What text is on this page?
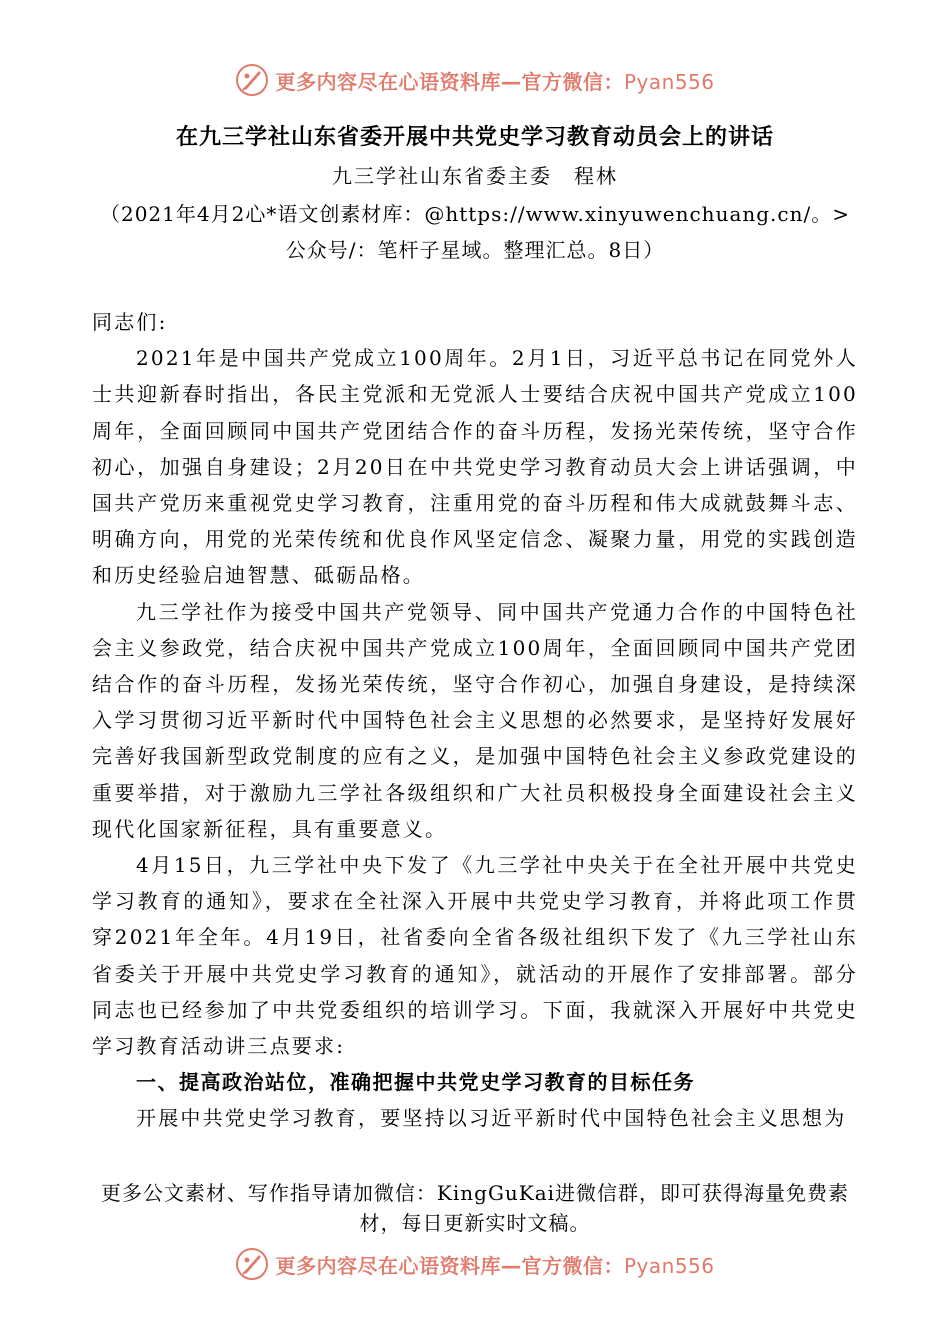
更多内容尽在心语资料库—官方微信：Pyan556
在九三学社山东省委开展中共党史学习教育动员会上的讲话
九三学社山东省委主委　程林
（2021年4月2心*语文创素材库：@https://www.xinyuwenchuang.cn/。>公众号/：笔杆子星域。整理汇总。8日）

同志们:

2021年是中国共产党成立100周年。2月1日，习近平总书记在同党外人士共迎新春时指出，各民主党派和无党派人士要结合庆祝中国共产党成立100周年，全面回顾同中国共产党团结合作的奋斗历程，发扬光荣传统，坚守合作初心，加强自身建设；2月20日在中共党史学习教育动员大会上讲话强调，中国共产党历来重视党史学习教育，注重用党的奋斗历程和伟大成就鼓舞斗志、明确方向，用党的光荣传统和优良作风坚定信念、凝聚力量，用党的实践创造和历史经验启迪智慧、砥砺品格。

九三学社作为接受中国共产党领导、同中国共产党通力合作的中国特色社会主义参政党，结合庆祝中国共产党成立100周年，全面回顾同中国共产党团结合作的奋斗历程，发扬光荣传统，坚守合作初心，加强自身建设，是持续深入学习贯彻习近平新时代中国特色社会主义思想的必然要求，是坚持好发展好完善好我国新型政党制度的应有之义，是加强中国特色社会主义参政党建设的重要举措，对于激励九三学社各级组织和广大社员积极投身全面建设社会主义现代化国家新征程，具有重要意义。

4月15日，九三学社中央下发了《九三学社中央关于在全社开展中共党史学习教育的通知》，要求在全社深入开展中共党史学习教育，并将此项工作贯穿2021年全年。4月19日，社省委向全省各级社组织下发了《九三学社山东省委关于开展中共党史学习教育的通知》，就活动的开展作了安排部署。部分同志也已经参加了中共党委组织的培训学习。下面，我就深入开展好中共党史学习教育活动讲三点要求:

一、提高政治站位，准确把握中共党史学习教育的目标任务

开展中共党史学习教育，要坚持以习近平新时代中国特色社会主义思想为

更多公文素材、写作指导请加微信：KingGuKai进微信群，即可获得海量免费素材，每日更新实时文稿。
更多内容尽在心语资料库—官方微信：Pyan556
